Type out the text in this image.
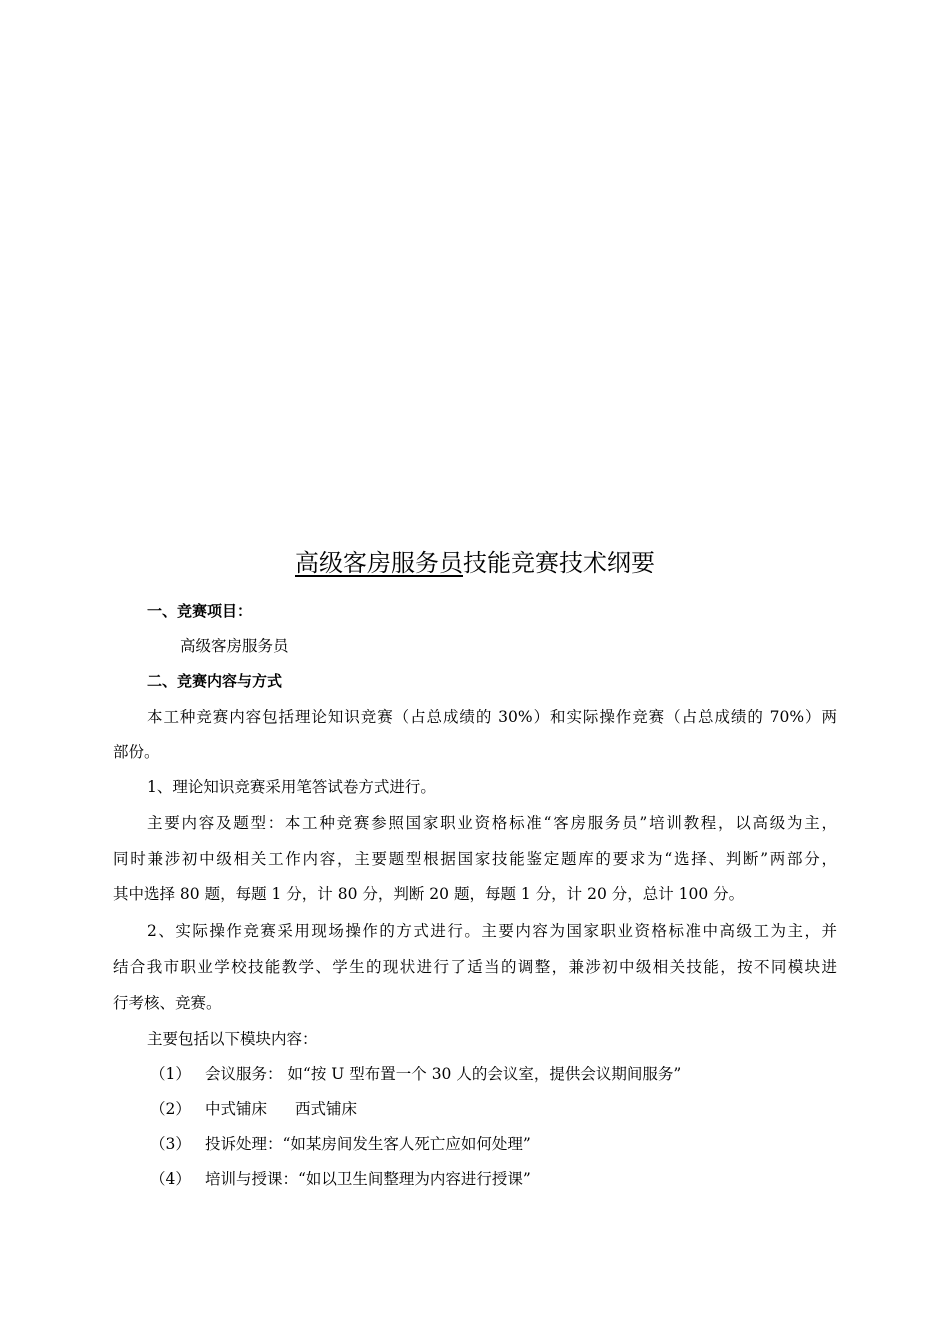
高级客房服务员技能竞赛技术纲要
一、竞赛项目：
高级客房服务员
二、竞赛内容与方式
本工种竞赛内容包括理论知识竞赛（占总成绩的 30%）和实际操作竞赛（占总成绩的 70%）两
部份。
1、理论知识竞赛采用笔答试卷方式进行。
主要内容及题型：本工种竞赛参照国家职业资格标准“客房服务员”培训教程，以高级为主，
同时兼涉初中级相关工作内容，主要题型根据国家技能鉴定题库的要求为“选择、判断”两部分，
其中选择 80 题，每题 1 分，计 80 分，判断 20 题，每题 1 分，计 20 分，总计 100 分。
2、实际操作竞赛采用现场操作的方式进行。主要内容为国家职业资格标准中高级工为主，并
结合我市职业学校技能教学、学生的现状进行了适当的调整，兼涉初中级相关技能，按不同模块进
行考核、竞赛。
主要包括以下模块内容：
（1） 会议服务： 如“按 U 型布置一个 30 人的会议室，提供会议期间服务”
（2） 中式铺床 西式铺床
（3） 投诉处理：“如某房间发生客人死亡应如何处理”
（4） 培训与授课：“如以卫生间整理为内容进行授课”
